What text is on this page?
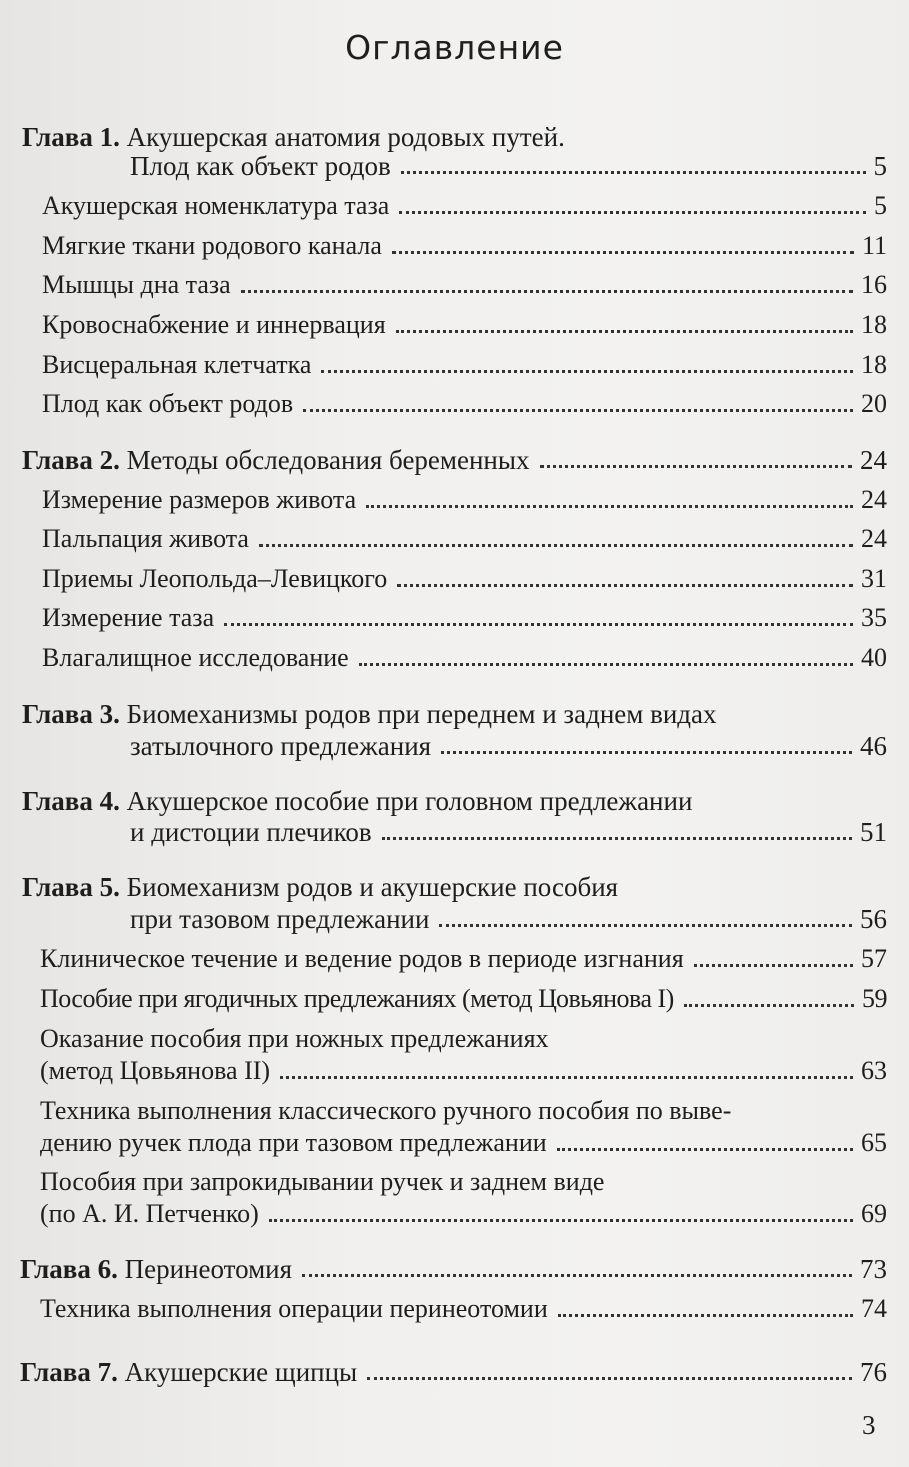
Оглавление
Глава 1. Акушерская анатомия родовых путей.
Плод как объект родов	5
Акушерская номенклатура таза	5
Мягкие ткани родового канала	11
Мышцы дна таза	16
Кровоснабжение и иннервация	18
Висцеральная клетчатка	18
Плод как объект родов	20
Глава 2. Методы обследования беременных	24
Измерение размеров живота	24
Пальпация живота	24
Приемы Леопольда–Левицкого	31
Измерение таза	35
Влагалищное исследование	40
Глава 3. Биомеханизмы родов при переднем и заднем видах
затылочного предлежания	46
Глава 4. Акушерское пособие при головном предлежании
и дистоции плечиков	51
Глава 5. Биомеханизм родов и акушерские пособия
при тазовом предлежании	56
Клиническое течение и ведение родов в периоде изгнания	57
Пособие при ягодичных предлежаниях (метод Цовьянова I)	59
Оказание пособия при ножных предлежаниях
(метод Цовьянова II)	63
Техника выполнения классического ручного пособия по выве-
дению ручек плода при тазовом предлежании	65
Пособия при запрокидывании ручек и заднем виде
(по А. И. Петченко)	69
Глава 6. Перинеотомия	73
Техника выполнения операции перинеотомии	74
Глава 7. Акушерские щипцы	76
3
